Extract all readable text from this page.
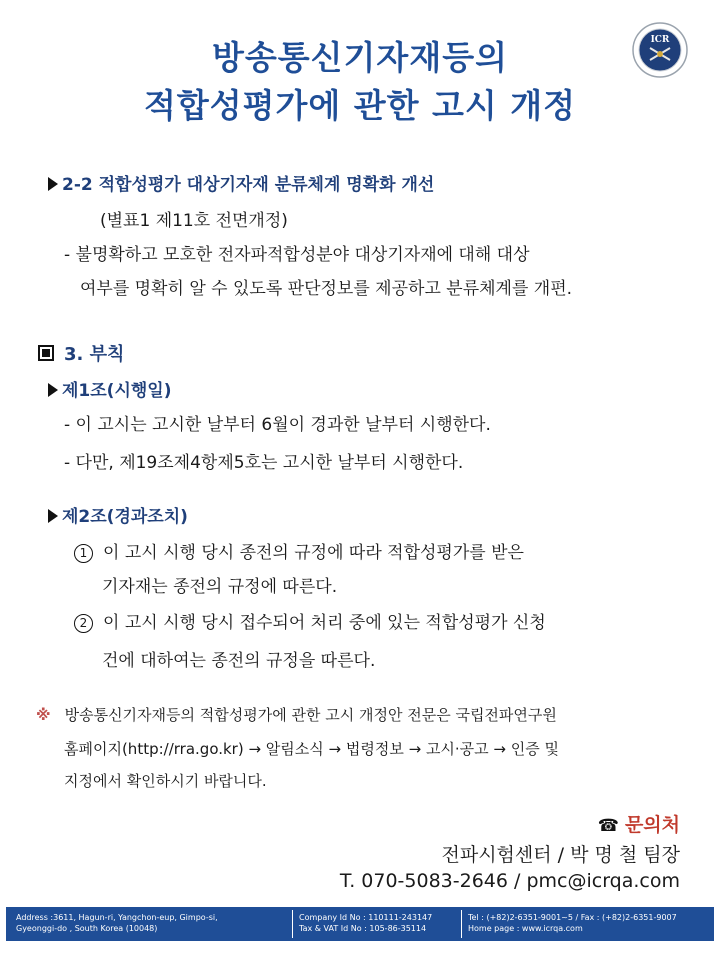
방송통신기자재등의
적합성평가에 관한 고시 개정
ICR
2-2 적합성평가 대상기자재 분류체계 명확화 개선
(별표1 제11호 전면개정)
- 불명확하고 모호한 전자파적합성분야 대상기자재에 대해 대상
여부를 명확히 알 수 있도록 판단정보를 제공하고 분류체계를 개편.
3. 부칙
제1조(시행일)
- 이 고시는 고시한 날부터 6월이 경과한 날부터 시행한다.
- 다만, 제19조제4항제5호는 고시한 날부터 시행한다.
제2조(경과조치)
1 이 고시 시행 당시 종전의 규정에 따라 적합성평가를 받은
기자재는 종전의 규정에 따른다.
2 이 고시 시행 당시 접수되어 처리 중에 있는 적합성평가 신청
건에 대하여는 종전의 규정을 따른다.
※ 방송통신기자재등의 적합성평가에 관한 고시 개정안 전문은 국립전파연구원
홈페이지(http://rra.go.kr) → 알림소식 → 법령정보 → 고시·공고 → 인증 및
지정에서 확인하시기 바랍니다.
☎ 문의처
전파시험센터 / 박 명 철 팀장
T. 070-5083-2646 / pmc@icrqa.com
Address :3611, Hagun-ri, Yangchon-eup, Gimpo-si,
Gyeonggi-do , South Korea (10048)
Company Id No : 110111-243147
Tax & VAT Id No : 105-86-35114
Tel : (+82)2-6351-9001~5 / Fax : (+82)2-6351-9007
Home page : www.icrqa.com
